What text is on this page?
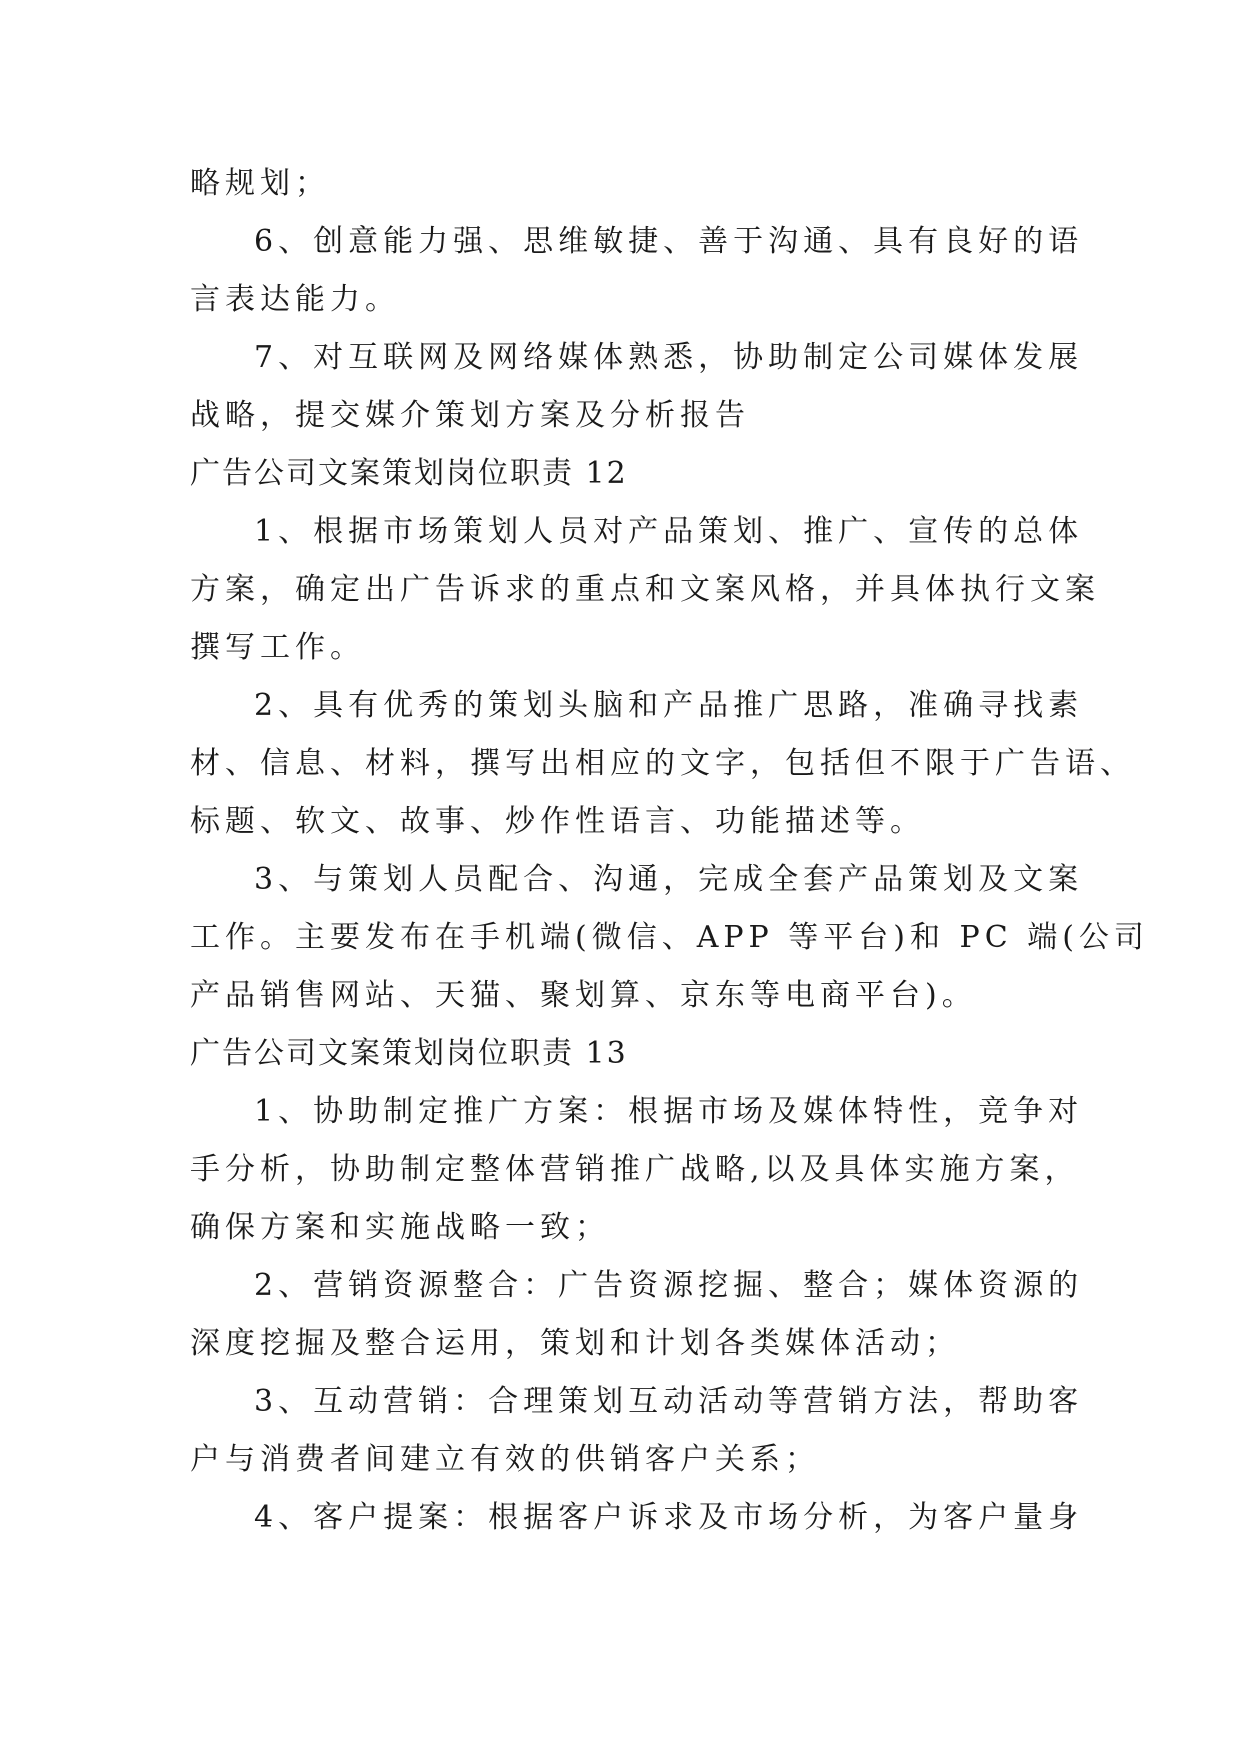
略规划；
6、创意能力强、思维敏捷、善于沟通、具有良好的语
言表达能力。
7、对互联网及网络媒体熟悉，协助制定公司媒体发展
战略，提交媒介策划方案及分析报告
广告公司文案策划岗位职责 12
1、根据市场策划人员对产品策划、推广、宣传的总体
方案，确定出广告诉求的重点和文案风格，并具体执行文案
撰写工作。
2、具有优秀的策划头脑和产品推广思路，准确寻找素
材、信息、材料，撰写出相应的文字，包括但不限于广告语、
标题、软文、故事、炒作性语言、功能描述等。
3、与策划人员配合、沟通，完成全套产品策划及文案
工作。主要发布在手机端(微信、APP 等平台)和 PC 端(公司
产品销售网站、天猫、聚划算、京东等电商平台)。
广告公司文案策划岗位职责 13
1、协助制定推广方案：根据市场及媒体特性，竞争对
手分析，协助制定整体营销推广战略,以及具体实施方案，
确保方案和实施战略一致；
2、营销资源整合：广告资源挖掘、整合；媒体资源的
深度挖掘及整合运用，策划和计划各类媒体活动；
3、互动营销：合理策划互动活动等营销方法，帮助客
户与消费者间建立有效的供销客户关系；
4、客户提案：根据客户诉求及市场分析，为客户量身
